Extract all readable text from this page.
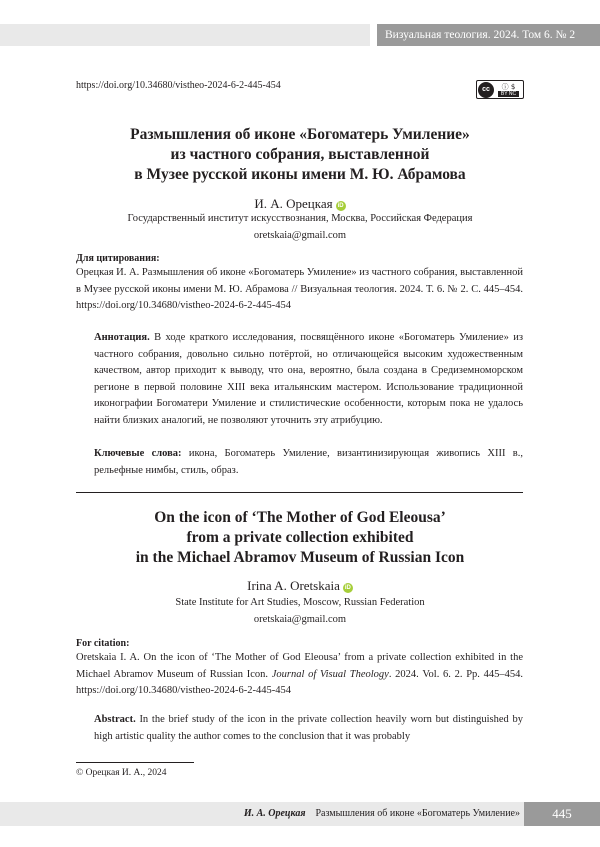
Визуальная теология. 2024. Том 6. № 2
https://doi.org/10.34680/vistheo-2024-6-2-445-454	cc	ⓘ $
BY NC
Размышления об иконе «Богоматерь Умиление»
из частного собрания, выставленной
в Музее русской иконы имени М. Ю. Абрамова
И. А. Орецкая iD
Государственный институт искусствознания, Москва, Российская Федерация
oretskaia@gmail.com
Для цитирования:
Орецкая И. А. Размышления об иконе «Богоматерь Умиление» из частного собрания, выставленной в Музее русской иконы имени М. Ю. Абрамова // Визуальная теология. 2024. Т. 6. № 2. С. 445–454. https://doi.org/10.34680/vistheo-2024-6-2-445-454
Аннотация. В ходе краткого исследования, посвящённого иконе «Богоматерь Умиление» из частного собрания, довольно сильно потёртой, но отличающейся высоким художественным качеством, автор приходит к выводу, что она, вероятно, была создана в Средиземноморском регионе в первой половине XIII века итальянским мастером. Использование традиционной иконографии Богоматери Умиление и стилистические особенности, которым пока не удалось найти близких аналогий, не позволяют уточнить эту атрибуцию.
Ключевые слова: икона, Богоматерь Умиление, византинизирующая живопись XIII в., рельефные нимбы, стиль, образ.
On the icon of ‘The Mother of God Eleousa’
from a private collection exhibited
in the Michael Abramov Museum of Russian Icon
Irina A. Oretskaia iD
State Institute for Art Studies, Moscow, Russian Federation
oretskaia@gmail.com
For citation:
Oretskaia I. A. On the icon of ‘The Mother of God Eleousa’ from a private collection exhibited in the Michael Abramov Museum of Russian Icon. Journal of Visual Theology. 2024. Vol. 6. 2. Pp. 445–454. https://doi.org/10.34680/vistheo-2024-6-2-445-454
Abstract. In the brief study of the icon in the private collection heavily worn but distinguished by high artistic quality the author comes to the conclusion that it was probably
© Орецкая И. А., 2024
И. А. Орецкая Размышления об иконе «Богоматерь Умиление»	445
